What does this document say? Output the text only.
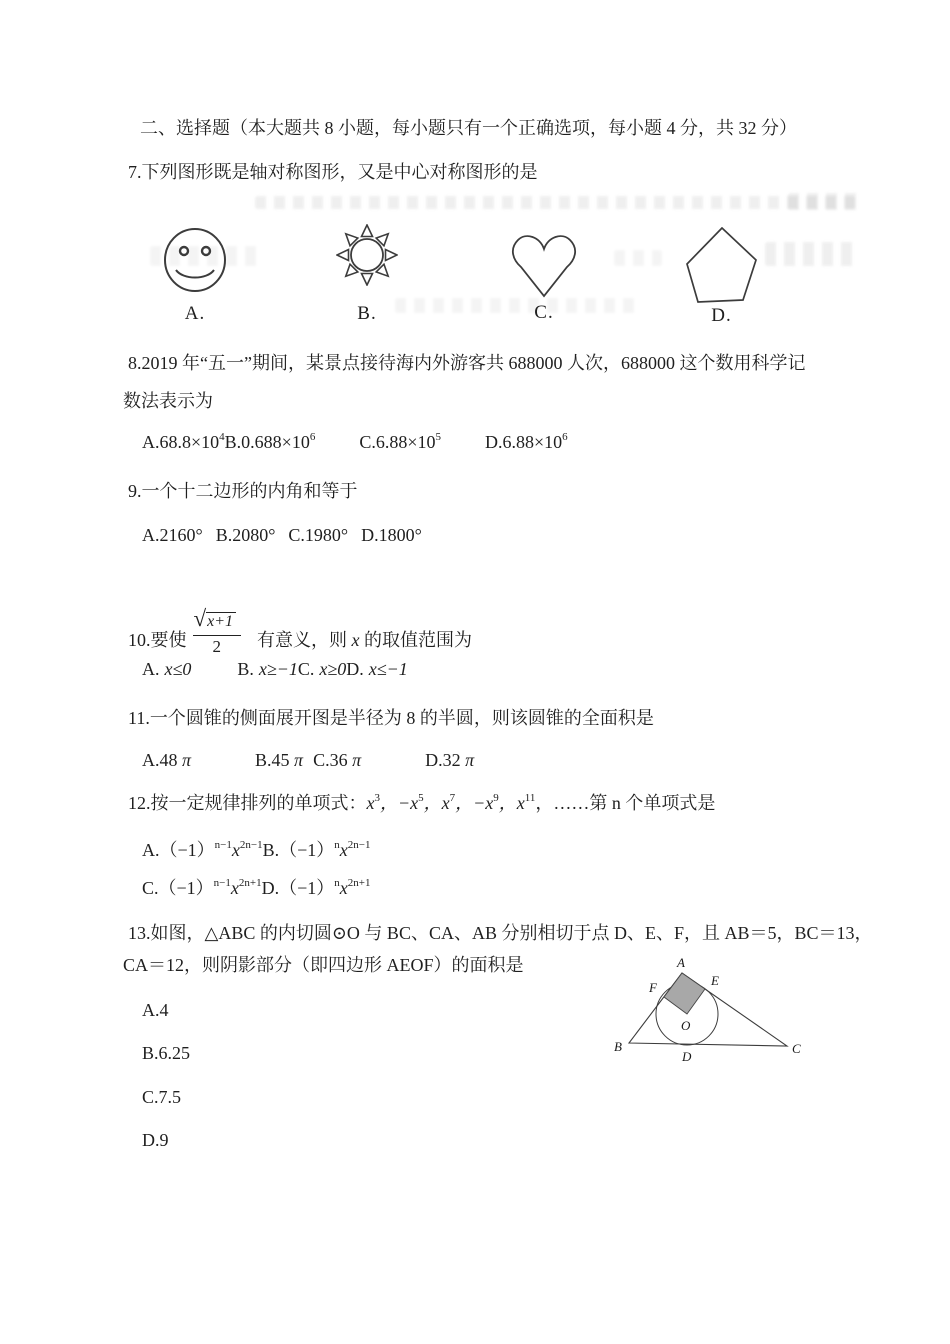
二、选择题（本大题共 8 小题，每小题只有一个正确选项，每小题 4 分，共 32 分）
7.下列图形既是轴对称图形，又是中心对称图形的是
A.	B.	C.	D.
8.2019 年“五一”期间，某景点接待海内外游客共 688000 人次，688000 这个数用科学记
数法表示为
$A.68.8\times 10^4B.0.688\times 10^6$ $C.6.88\times 10^5$ $D.6.88\times 10^6$
9.一个十二边形的内角和等于
A.2160° B.2080° C.1980° D.1800°
10.要使 $\frac{√x+1}{2}$ 有意义，则 x 的取值范围为
A. x≤0	B. x≥−1C. x≥0D. x≤−1
11.一个圆锥的侧面展开图是半径为 8 的半圆，则该圆锥的全面积是
A.48 π	B.45 π C.36 π	D.32 π
12.按一定规律排列的单项式：$x^3$，$-x^5$，$x^7$，$-x^9$，$x^{11}$，……第 n 个单项式是
$A.(-1)^{n-1}x^{2n-1}B.(-1)^nx^{2n-1}$
$C.(-1)^{n-1}x^{2n+1}D.(-1)^nx^{2n+1}$
13.如图，△ABC 的内切圆⊙O 与 BC、CA、AB 分别相切于点 D、E、F，且 AB＝5，BC＝13，
CA＝12，则阴影部分（即四边形 AEOF）的面积是
A.4
B.6.25
C.7.5
D.9
A
B	C
D
E
F
O
